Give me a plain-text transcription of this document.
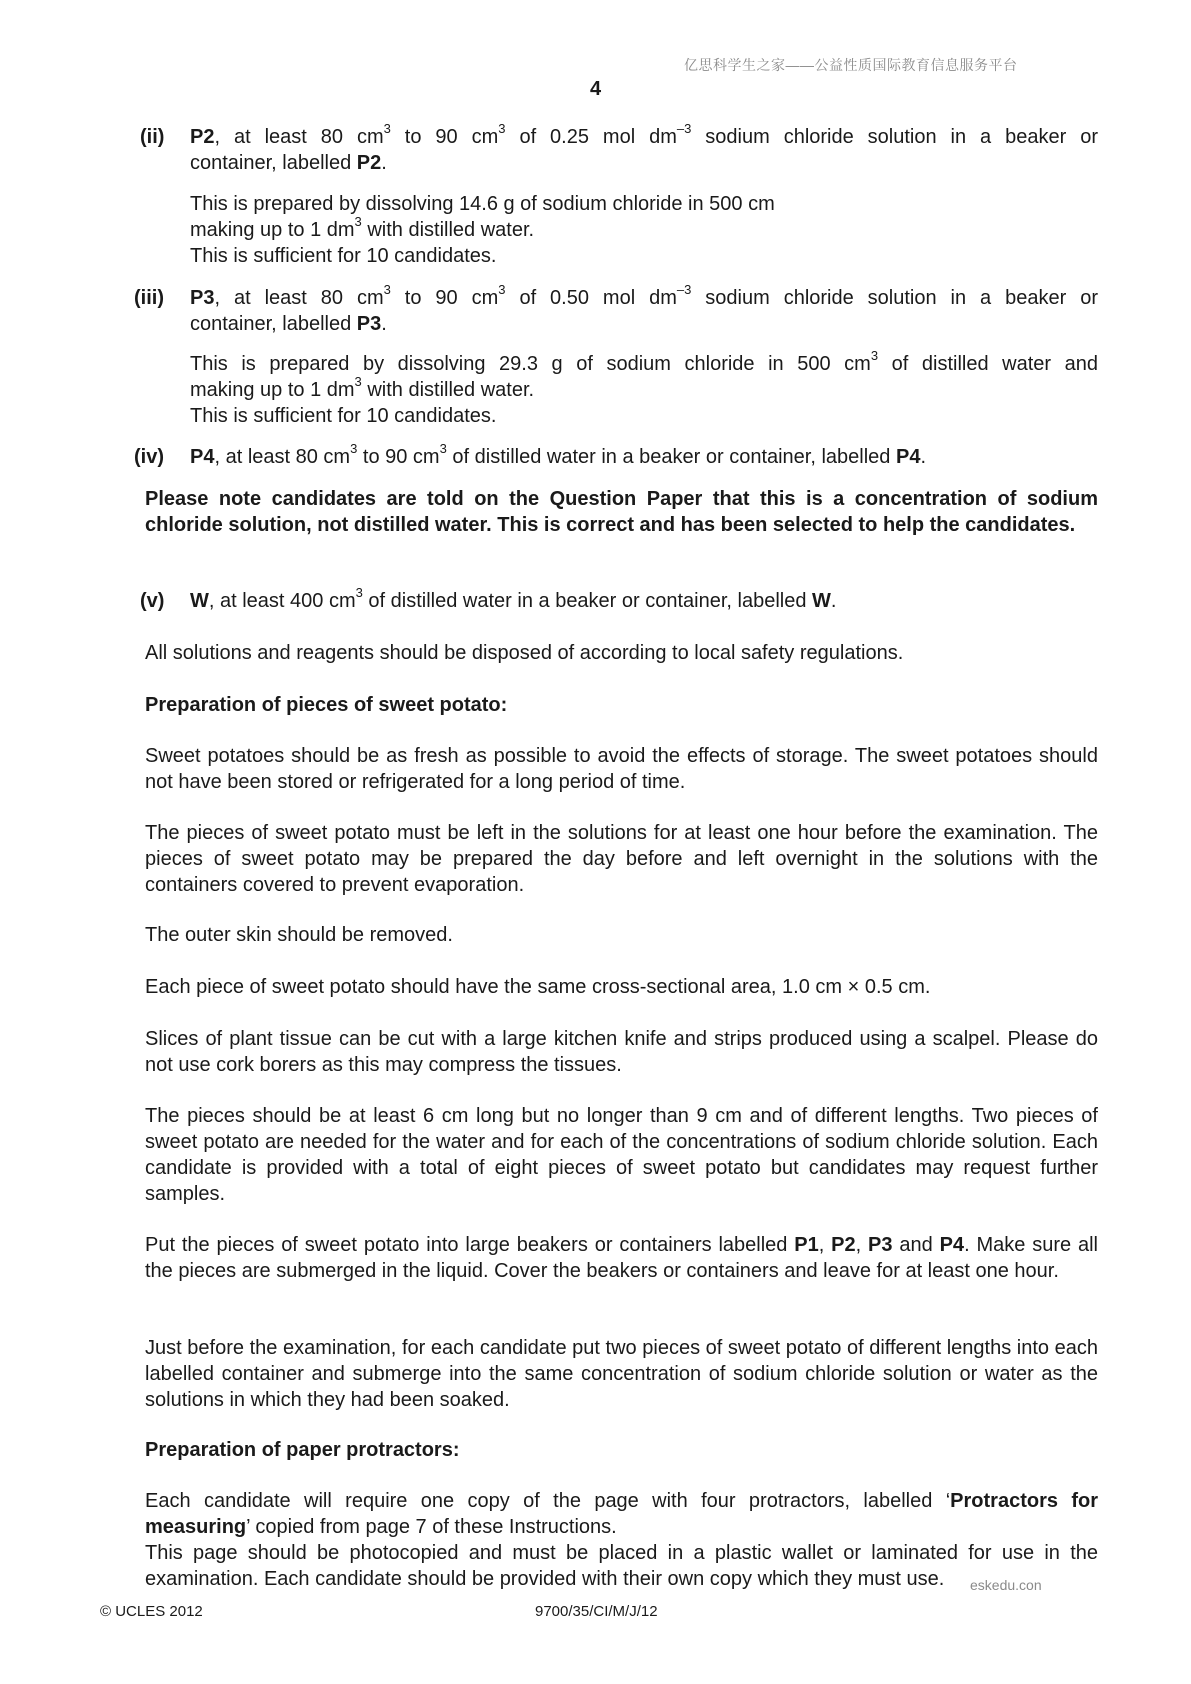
亿思科学生之家——公益性质国际教育信息服务平台
4
(ii)	P2, at least 80 $cm^3$ to 90 $cm^3$ of 0.25 mol $dm^{-3}$ sodium chloride solution in a beaker or
container, labelled P2.
This is prepared by dissolving 14.6 g of sodium chloride in 500 cm
making up to 1 $dm^3$ with distilled water.
This is sufficient for 10 candidates.
(iii)	P3, at least 80 $cm^3$ to 90 $cm^3$ of 0.50 mol $dm^{-3}$ sodium chloride solution in a beaker or
container, labelled P3.
This is prepared by dissolving 29.3 g of sodium chloride in 500 $cm^3$ of distilled water and
making up to 1 $dm^3$ with distilled water.
This is sufficient for 10 candidates.
(iv)	P4, at least 80 $cm^3$ to 90 $cm^3$ of distilled water in a beaker or container, labelled P4.
Please note candidates are told on the Question Paper that this is a concentration of sodium chloride solution, not distilled water. This is correct and has been selected to help the candidates.
(v)	W, at least 400 $cm^3$ of distilled water in a beaker or container, labelled W.
All solutions and reagents should be disposed of according to local safety regulations.
Preparation of pieces of sweet potato:
Sweet potatoes should be as fresh as possible to avoid the effects of storage. The sweet potatoes should not have been stored or refrigerated for a long period of time.
The pieces of sweet potato must be left in the solutions for at least one hour before the examination. The pieces of sweet potato may be prepared the day before and left overnight in the solutions with the containers covered to prevent evaporation.
The outer skin should be removed.
Each piece of sweet potato should have the same cross-sectional area, 1.0 cm × 0.5 cm.
Slices of plant tissue can be cut with a large kitchen knife and strips produced using a scalpel. Please do not use cork borers as this may compress the tissues.
The pieces should be at least 6 cm long but no longer than 9 cm and of different lengths. Two pieces of sweet potato are needed for the water and for each of the concentrations of sodium chloride solution. Each candidate is provided with a total of eight pieces of sweet potato but candidates may request further samples.
Put the pieces of sweet potato into large beakers or containers labelled P1, P2, P3 and P4. Make sure all the pieces are submerged in the liquid. Cover the beakers or containers and leave for at least one hour.
Just before the examination, for each candidate put two pieces of sweet potato of different lengths into each labelled container and submerge into the same concentration of sodium chloride solution or water as the solutions in which they had been soaked.
Preparation of paper protractors:
Each candidate will require one copy of the page with four protractors, labelled ‘Protractors for measuring’ copied from page 7 of these Instructions.
This page should be photocopied and must be placed in a plastic wallet or laminated for use in the examination. Each candidate should be provided with their own copy which they must use.	eskedu.con
© UCLES 2012	9700/35/CI/M/J/12
